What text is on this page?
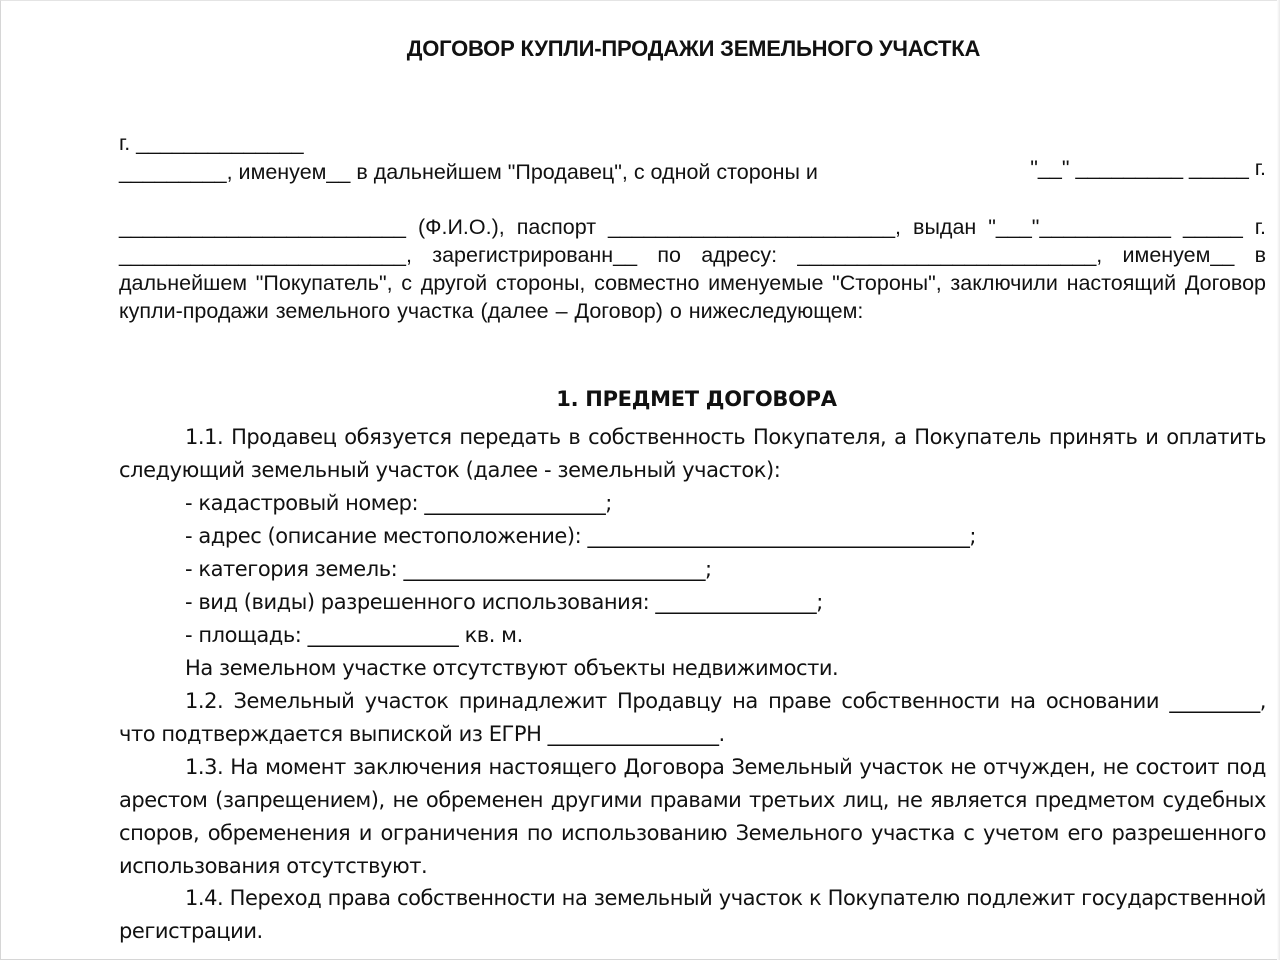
ДОГОВОР КУПЛИ-ПРОДАЖИ ЗЕМЕЛЬНОГО УЧАСТКА

г. ______________

"__" _________ _____ г.

_________, именуем__ в дальнейшем "Продавец", с одной стороны и

________________________ (Ф.И.О.), паспорт ________________________, выдан "___"___________ _____ г. ________________________, зарегистрированн__ по адресу: _________________________, именуем__ в дальнейшем "Покупатель", с другой стороны, совместно именуемые "Стороны", заключили настоящий Договор купли-продажи земельного участка (далее – Договор) о нижеследующем:

1. ПРЕДМЕТ ДОГОВОРА

1.1. Продавец обязуется передать в собственность Покупателя, а Покупатель принять и оплатить следующий земельный участок (далее - земельный участок):

- кадастровый номер: __________________;
- адрес (описание местоположение): ______________________________________;
- категория земель: ______________________________;
- вид (виды) разрешенного использования: ________________;
- площадь: _______________ кв. м.
На земельном участке отсутствуют объекты недвижимости.

1.2. Земельный участок принадлежит Продавцу на праве собственности на основании _________, что подтверждается выпиской из ЕГРН _________________.

1.3. На момент заключения настоящего Договора Земельный участок не отчужден, не состоит под арестом (запрещением), не обременен другими правами третьих лиц, не является предметом судебных споров, обременения и ограничения по использованию Земельного участка с учетом его разрешенного использования отсутствуют.

1.4. Переход права собственности на земельный участок к Покупателю подлежит государственной регистрации.
